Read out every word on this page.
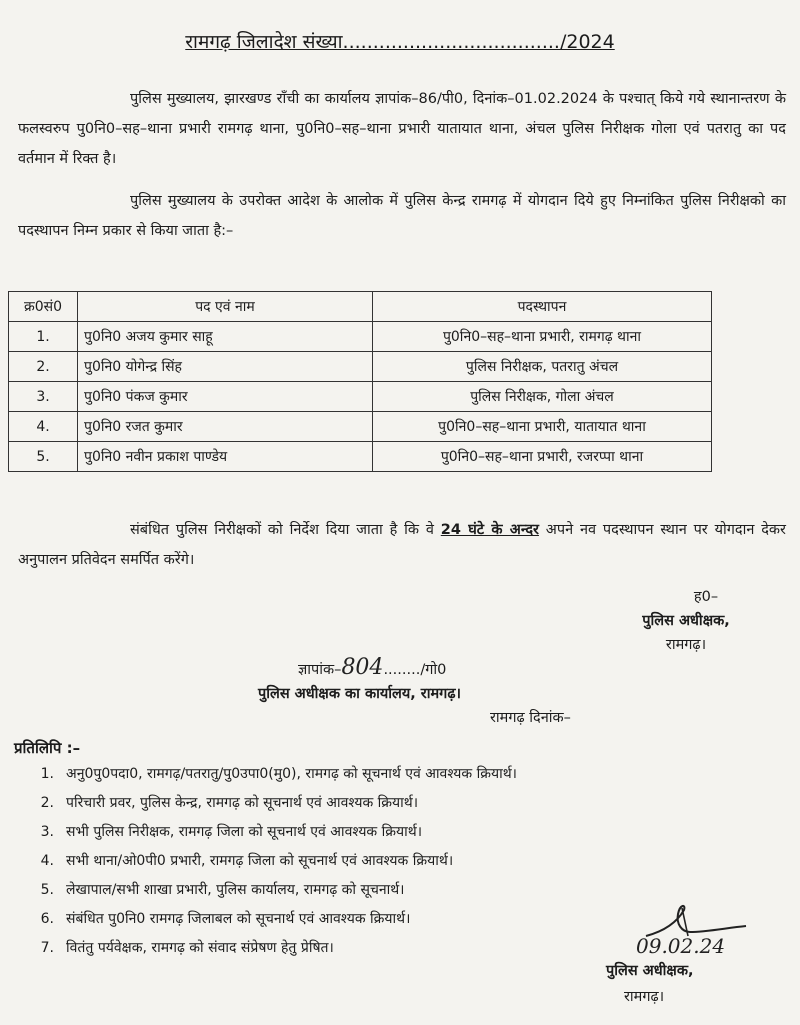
रामगढ़ जिलादेश संख्या..................................../2024

पुलिस मुख्यालय, झारखण्ड राँची का कार्यालय ज्ञापांक–86/पी0, दिनांक–01.02.2024 के पश्चात् किये गये स्थानान्तरण के फलस्वरुप पु0नि0–सह–थाना प्रभारी रामगढ़ थाना, पु0नि0–सह–थाना प्रभारी यातायात थाना, अंचल पुलिस निरीक्षक गोला एवं पतरातु का पद वर्तमान में रिक्त है।

पुलिस मुख्यालय के उपरोक्त आदेश के आलोक में पुलिस केन्द्र रामगढ़ में योगदान दिये हुए निम्नांकित पुलिस निरीक्षको का पदस्थापन निम्न प्रकार से किया जाता है:–

क्र0सं0	पद एवं नाम	पदस्थापन
1.	पु0नि0 अजय कुमार साहू	पु0नि0–सह–थाना प्रभारी, रामगढ़ थाना
2.	पु0नि0 योगेन्द्र सिंह	पुलिस निरीक्षक, पतरातु अंचल
3.	पु0नि0 पंकज कुमार	पुलिस निरीक्षक, गोला अंचल
4.	पु0नि0 रजत कुमार	पु0नि0–सह–थाना प्रभारी, यातायात थाना
5.	पु0नि0 नवीन प्रकाश पाण्डेय	पु0नि0–सह–थाना प्रभारी, रजरप्पा थाना

संबंधित पुलिस निरीक्षकों को निर्देश दिया जाता है कि वे 24 घंटे के अन्दर अपने नव पदस्थापन स्थान पर योगदान देकर अनुपालन प्रतिवेदन समर्पित करेंगे।

ह0–
पुलिस अधीक्षक,
रामगढ़।
ज्ञापांक–804......../गो0
पुलिस अधीक्षक का कार्यालय, रामगढ़।
रामगढ़ दिनांक–
प्रतिलिपि :–
1. अनु0पु0पदा0, रामगढ़/पतरातु/पु0उपा0(मु0), रामगढ़ को सूचनार्थ एवं आवश्यक क्रियार्थ।
2. परिचारी प्रवर, पुलिस केन्द्र, रामगढ़ को सूचनार्थ एवं आवश्यक क्रियार्थ।
3. सभी पुलिस निरीक्षक, रामगढ़ जिला को सूचनार्थ एवं आवश्यक क्रियार्थ।
4. सभी थाना/ओ0पी0 प्रभारी, रामगढ़ जिला को सूचनार्थ एवं आवश्यक क्रियार्थ।
5. लेखापाल/सभी शाखा प्रभारी, पुलिस कार्यालय, रामगढ़ को सूचनार्थ।
6. संबंधित पु0नि0 रामगढ़ जिलाबल को सूचनार्थ एवं आवश्यक क्रियार्थ।
7. वितंतु पर्यवेक्षक, रामगढ़ को संवाद संप्रेषण हेतु प्रेषित।	09.02.24
पुलिस अधीक्षक,
रामगढ़।
